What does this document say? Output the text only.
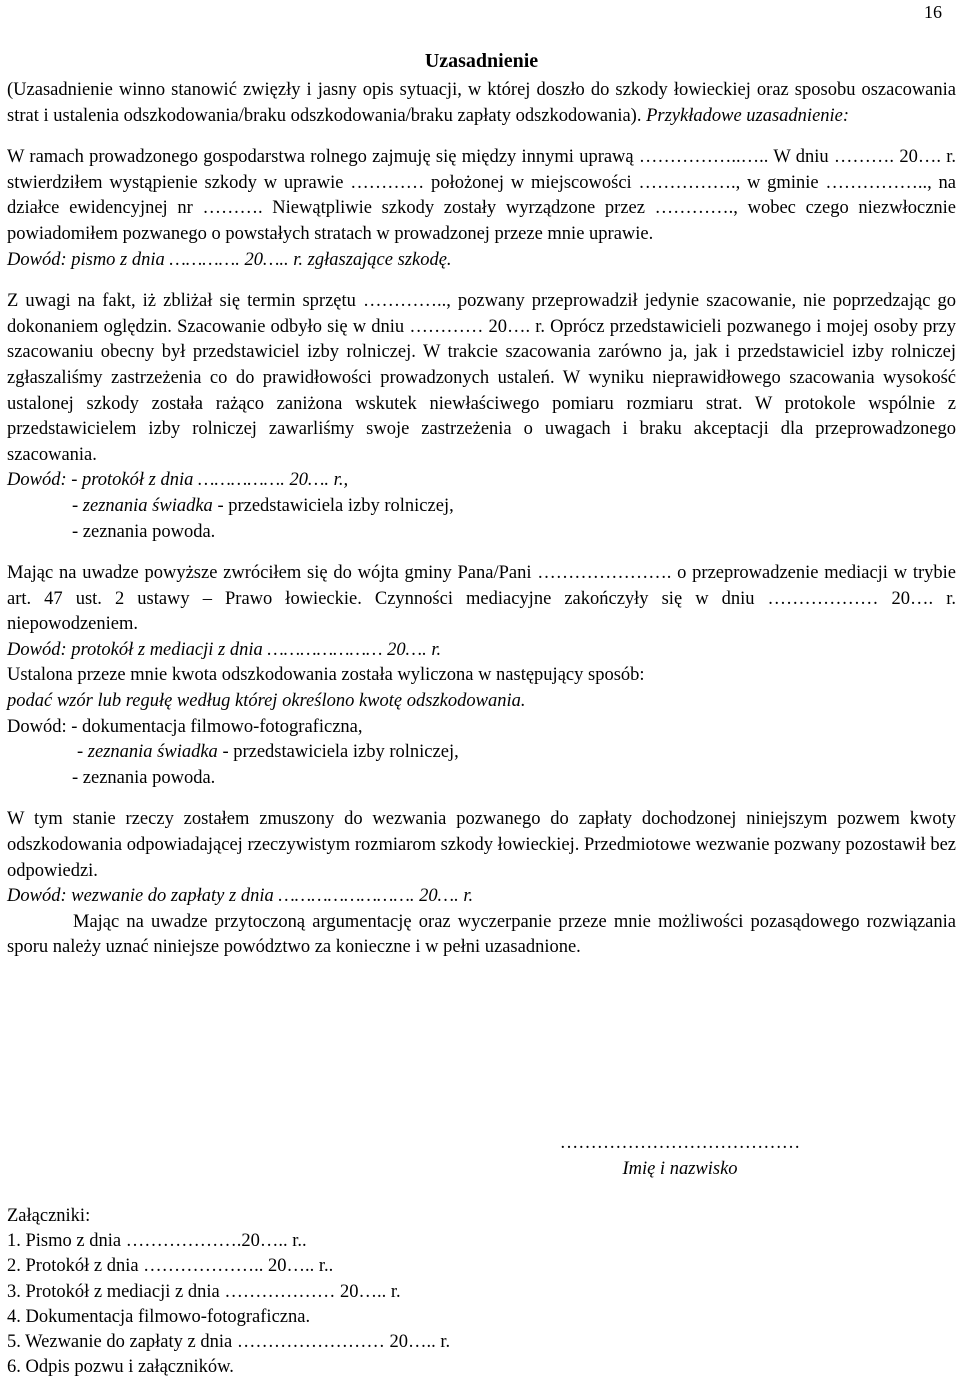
16
Uzasadnienie

(Uzasadnienie winno stanowić zwięzły i jasny opis sytuacji, w której doszło do szkody łowieckiej oraz sposobu oszacowania strat i ustalenia odszkodowania/braku odszkodowania/braku zapłaty odszkodowania). Przykładowe uzasadnienie:

W ramach prowadzonego gospodarstwa rolnego zajmuję się między innymi uprawą ……………..….. W dniu ………. 20…. r. stwierdziłem wystąpienie szkody w uprawie ………… położonej w miejscowości ……………., w gminie …………….., na działce ewidencyjnej nr ………. Niewątpliwie szkody zostały wyrządzone przez …………., wobec czego niezwłocznie powiadomiłem pozwanego o powstałych stratach w prowadzonej przeze mnie uprawie.

Dowód: pismo z dnia …………. 20….. r. zgłaszające szkodę.

Z uwagi na fakt, iż zbliżał się termin sprzętu ………….., pozwany przeprowadził jedynie szacowanie, nie poprzedzając go dokonaniem oględzin. Szacowanie odbyło się w dniu ………… 20…. r. Oprócz przedstawicieli pozwanego i mojej osoby przy szacowaniu obecny był przedstawiciel izby rolniczej. W trakcie szacowania zarówno ja, jak i przedstawiciel izby rolniczej zgłaszaliśmy zastrzeżenia co do prawidłowości prowadzonych ustaleń. W wyniku nieprawidłowego szacowania wysokość ustalonej szkody została rażąco zaniżona wskutek niewłaściwego pomiaru rozmiaru strat. W protokole wspólnie z przedstawicielem izby rolniczej zawarliśmy swoje zastrzeżenia o uwagach i braku akceptacji dla przeprowadzonego szacowania.

Dowód: - protokół z dnia ……………. 20…. r.,

- zeznania świadka - przedstawiciela izby rolniczej,

- zeznania powoda.

Mając na uwadze powyższe zwróciłem się do wójta gminy Pana/Pani …………………. o przeprowadzenie mediacji w trybie art. 47 ust. 2 ustawy – Prawo łowieckie. Czynności mediacyjne zakończyły się w dniu ……………… 20…. r. niepowodzeniem.

Dowód: protokół z mediacji z dnia ………………… 20…. r.

Ustalona przeze mnie kwota odszkodowania została wyliczona w następujący sposób:

podać wzór lub regułę według której określono kwotę odszkodowania.

Dowód: - dokumentacja filmowo-fotograficzna,

- zeznania świadka - przedstawiciela izby rolniczej,

- zeznania powoda.

W tym stanie rzeczy zostałem zmuszony do wezwania pozwanego do zapłaty dochodzonej niniejszym pozwem kwoty odszkodowania odpowiadającej rzeczywistym rozmiarom szkody łowieckiej. Przedmiotowe wezwanie pozwany pozostawił bez odpowiedzi.

Dowód: wezwanie do zapłaty z dnia ……………………. 20…. r.

Mając na uwadze przytoczoną argumentację oraz wyczerpanie przeze mnie możliwości pozasądowego rozwiązania sporu należy uznać niniejsze powództwo za konieczne i w pełni uzasadnione.

…………………………………
Imię i nazwisko

Załączniki:

1. Pismo z dnia ……………….20….. r..

2. Protokół z dnia ……………….. 20….. r..

3. Protokół z mediacji z dnia ……………… 20….. r.

4. Dokumentacja filmowo-fotograficzna.

5. Wezwanie do zapłaty z dnia …………………… 20….. r.

6. Odpis pozwu i załączników.
